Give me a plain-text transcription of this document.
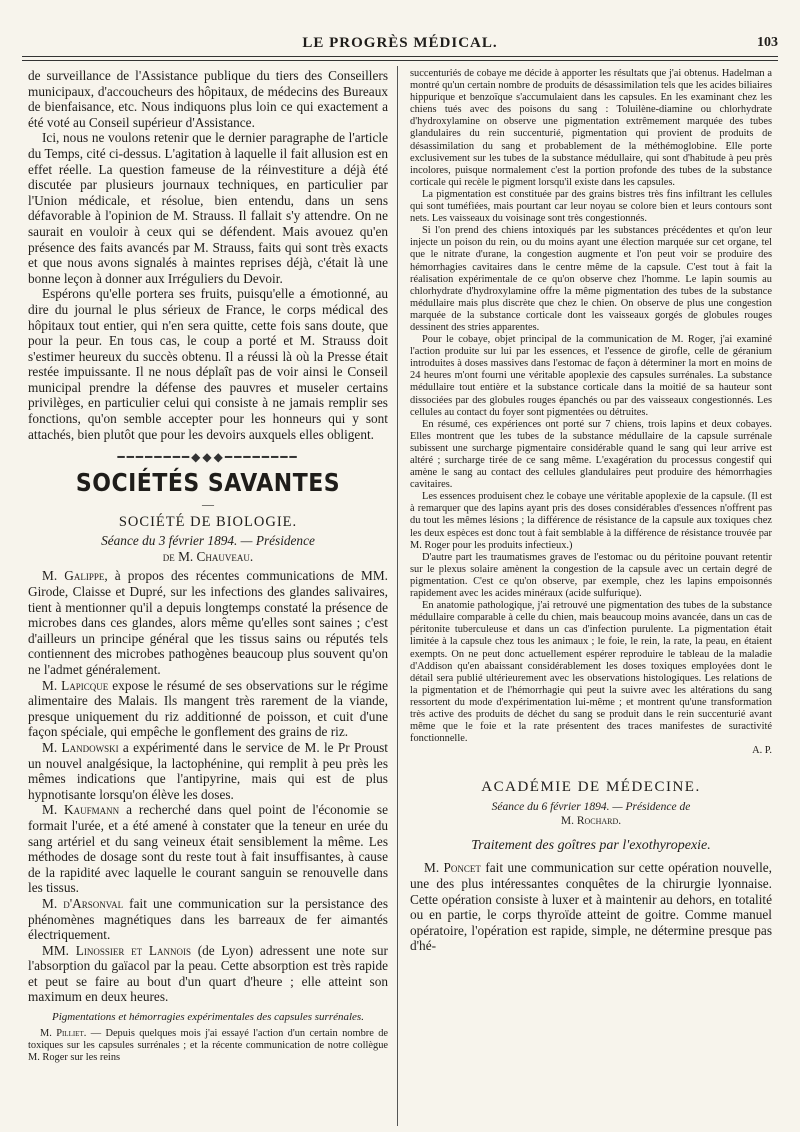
LE PROGRÈS MÉDICAL.	103

de surveillance de l'Assistance publique du tiers des Conseillers municipaux, d'accoucheurs des hôpitaux, de médecins des Bureaux de bienfaisance, etc. Nous indiquons plus loin ce qui exactement a été voté au Conseil supérieur d'Assistance.

Ici, nous ne voulons retenir que le dernier paragraphe de l'article du Temps, cité ci-dessus. L'agitation à laquelle il fait allusion est en effet réelle. La question fameuse de la réinvestiture a déjà été discutée par plusieurs journaux techniques, en particulier par l'Union médicale, et résolue, bien entendu, dans un sens défavorable à l'opinion de M. Strauss. Il fallait s'y attendre. On ne saurait en vouloir à ceux qui se défendent. Mais avouez qu'en présence des faits avancés par M. Strauss, faits qui sont très exacts et que nous avons signalés à maintes reprises déjà, c'était là une bonne leçon à donner aux Irréguliers du Devoir.

Espérons qu'elle portera ses fruits, puisqu'elle a émotionné, au dire du journal le plus sérieux de France, le corps médical des hôpitaux tout entier, qui n'en sera quitte, cette fois sans doute, que pour la peur. En tous cas, le coup a porté et M. Strauss doit s'estimer heureux du succès obtenu. Il a réussi là où la Presse était restée impuissante. Il ne nous déplaît pas de voir ainsi le Conseil municipal prendre la défense des pauvres et museler certains privilèges, en particulier celui qui consiste à ne jamais remplir ses fonctions, qu'on semble accepter pour les honneurs qui y sont attachés, bien plutôt que pour les devoirs auxquels elles obligent.

━━━━━━━━◆◆◆━━━━━━━━
SOCIÉTÉS SAVANTES
—
SOCIÉTÉ DE BIOLOGIE.
Séance du 3 février 1894. — Présidence
de M. Chauveau.

M. Galippe, à propos des récentes communications de MM. Girode, Claisse et Dupré, sur les infections des glandes salivaires, tient à mentionner qu'il a depuis longtemps constaté la présence de microbes dans ces glandes, alors même qu'elles sont saines ; c'est d'ailleurs un principe général que les tissus sains ou réputés tels contiennent des microbes pathogènes beaucoup plus souvent qu'on ne l'admet généralement.

M. Lapicque expose le résumé de ses observations sur le régime alimentaire des Malais. Ils mangent très rarement de la viande, presque uniquement du riz additionné de poisson, et cuit d'une façon spéciale, qui empêche le gonflement des grains de riz.

M. Landowski a expérimenté dans le service de M. le Pr Proust un nouvel analgésique, la lactophénine, qui remplit à peu près les mêmes indications que l'antipyrine, mais qui est de plus hypnotisante lorsqu'on élève les doses.

M. Kaufmann a recherché dans quel point de l'économie se formait l'urée, et a été amené à constater que la teneur en urée du sang artériel et du sang veineux était sensiblement la même. Les méthodes de dosage sont du reste tout à fait insuffisantes, à cause de la rapidité avec laquelle le courant sanguin se renouvelle dans les tissus.

M. d'Arsonval fait une communication sur la persistance des phénomènes magnétiques dans les barreaux de fer aimantés électriquement.

MM. Linossier et Lannois (de Lyon) adressent une note sur l'absorption du gaïacol par la peau. Cette absorption est très rapide et peut se faire au bout d'un quart d'heure ; elle atteint son maximum en deux heures.

Pigmentations et hémorragies expérimentales des capsules surrénales.

M. Pilliet. — Depuis quelques mois j'ai essayé l'action d'un certain nombre de toxiques sur les capsules surrénales ; et la récente communication de notre collègue M. Roger sur les reins

succenturiés de cobaye me décide à apporter les résultats que j'ai obtenus. Hadelman a montré qu'un certain nombre de produits de désassimilation tels que les acides biliaires hippurique et benzoïque s'accumulaient dans les capsules. En les examinant chez les chiens tués avec des poisons du sang : Toluilène-diamine ou chlorhydrate d'hydroxylamine on observe une pigmentation extrêmement marquée des tubes glandulaires du rein succenturié, pigmentation qui provient de produits de désassimilation du sang et probablement de la méthémoglobine. Elle porte exclusivement sur les tubes de la substance médullaire, qui sont d'habitude à peu près incolores, puisque normalement c'est la portion profonde des tubes de la substance corticale qui recèle le pigment lorsqu'il existe dans les capsules.

La pigmentation est constituée par des grains bistres très fins infiltrant les cellules qui sont tuméfiées, mais pourtant car leur noyau se colore bien et leurs contours sont nets. Les vaisseaux du voisinage sont très congestionnés.

Si l'on prend des chiens intoxiqués par les substances précédentes et qu'on leur injecte un poison du rein, ou du moins ayant une élection marquée sur cet organe, tel que le nitrate d'urane, la congestion augmente et l'on peut voir se produire des hémorrhagies cavitaires dans le centre même de la capsule. C'est tout à fait la réalisation expérimentale de ce qu'on observe chez l'homme. Le lapin soumis au chlorhydrate d'hydroxylamine offre la même pigmentation des tubes de la substance médullaire mais plus discrète que chez le chien. On observe de plus une congestion marquée de la substance corticale dont les vaisseaux gorgés de globules rouges dessinent des stries apparentes.

Pour le cobaye, objet principal de la communication de M. Roger, j'ai examiné l'action produite sur lui par les essences, et l'essence de girofle, celle de géranium introduites à doses massives dans l'estomac de façon à déterminer la mort en moins de 24 heures m'ont fourni une véritable apoplexie des capsules surrénales. La substance médullaire tout entière et la substance corticale dans la moitié de sa hauteur sont dissociées par des globules rouges épanchés ou par des vaisseaux congestionnés. Les cellules au contact du foyer sont pigmentées ou détruites.

En résumé, ces expériences ont porté sur 7 chiens, trois lapins et deux cobayes. Elles montrent que les tubes de la substance médullaire de la capsule surrénale subissent une surcharge pigmentaire considérable quand le sang qui leur arrive est altéré ; surcharge tirée de ce sang même. L'exagération du processus congestif qui amène le sang au contact des cellules glandulaires peut produire des hémorrhagies cavitaires.

Les essences produisent chez le cobaye une véritable apoplexie de la capsule. (Il est à remarquer que des lapins ayant pris des doses considérables d'essences n'offrent pas du tout les mêmes lésions ; la différence de résistance de la capsule aux toxiques chez les deux espèces est donc tout à fait semblable à la différence de résistance trouvée par M. Roger pour les produits infectieux.)

D'autre part les traumatismes graves de l'estomac ou du péritoine pouvant retentir sur le plexus solaire amènent la congestion de la capsule avec un certain degré de pigmentation. C'est ce qu'on observe, par exemple, chez les lapins empoisonnés rapidement avec les acides minéraux (acide sulfurique).

En anatomie pathologique, j'ai retrouvé une pigmentation des tubes de la substance médullaire comparable à celle du chien, mais beaucoup moins avancée, dans un cas de péritonite tuberculeuse et dans un cas d'infection purulente. La pigmentation était limitée à la capsule chez tous les animaux ; le foie, le rein, la rate, la peau, en étaient exempts. On ne peut donc actuellement espérer reproduire le tableau de la maladie d'Addison qu'en abaissant considérablement les doses toxiques employées dont le détail sera publié ultérieurement avec les observations histologiques. Les relations de la pigmentation et de l'hémorrhagie qui peut la suivre avec les altérations du sang ressortent du mode d'expérimentation lui-même ; et montrent qu'une transformation très active des produits de déchet du sang se produit dans le rein succenturié avant même que le foie et la rate présentent des traces manifestes de suractivité fonctionnelle.

A. P.

ACADÉMIE DE MÉDECINE.
Séance du 6 février 1894. — Présidence de
M. Rochard.
Traitement des goîtres par l'exothyropexie.

M. Poncet fait une communication sur cette opération nouvelle, une des plus intéressantes conquêtes de la chirurgie lyonnaise. Cette opération consiste à luxer et à maintenir au dehors, en totalité ou en partie, le corps thyroïde atteint de goitre. Comme manuel opératoire, l'opération est rapide, simple, ne détermine presque pas d'hé-
